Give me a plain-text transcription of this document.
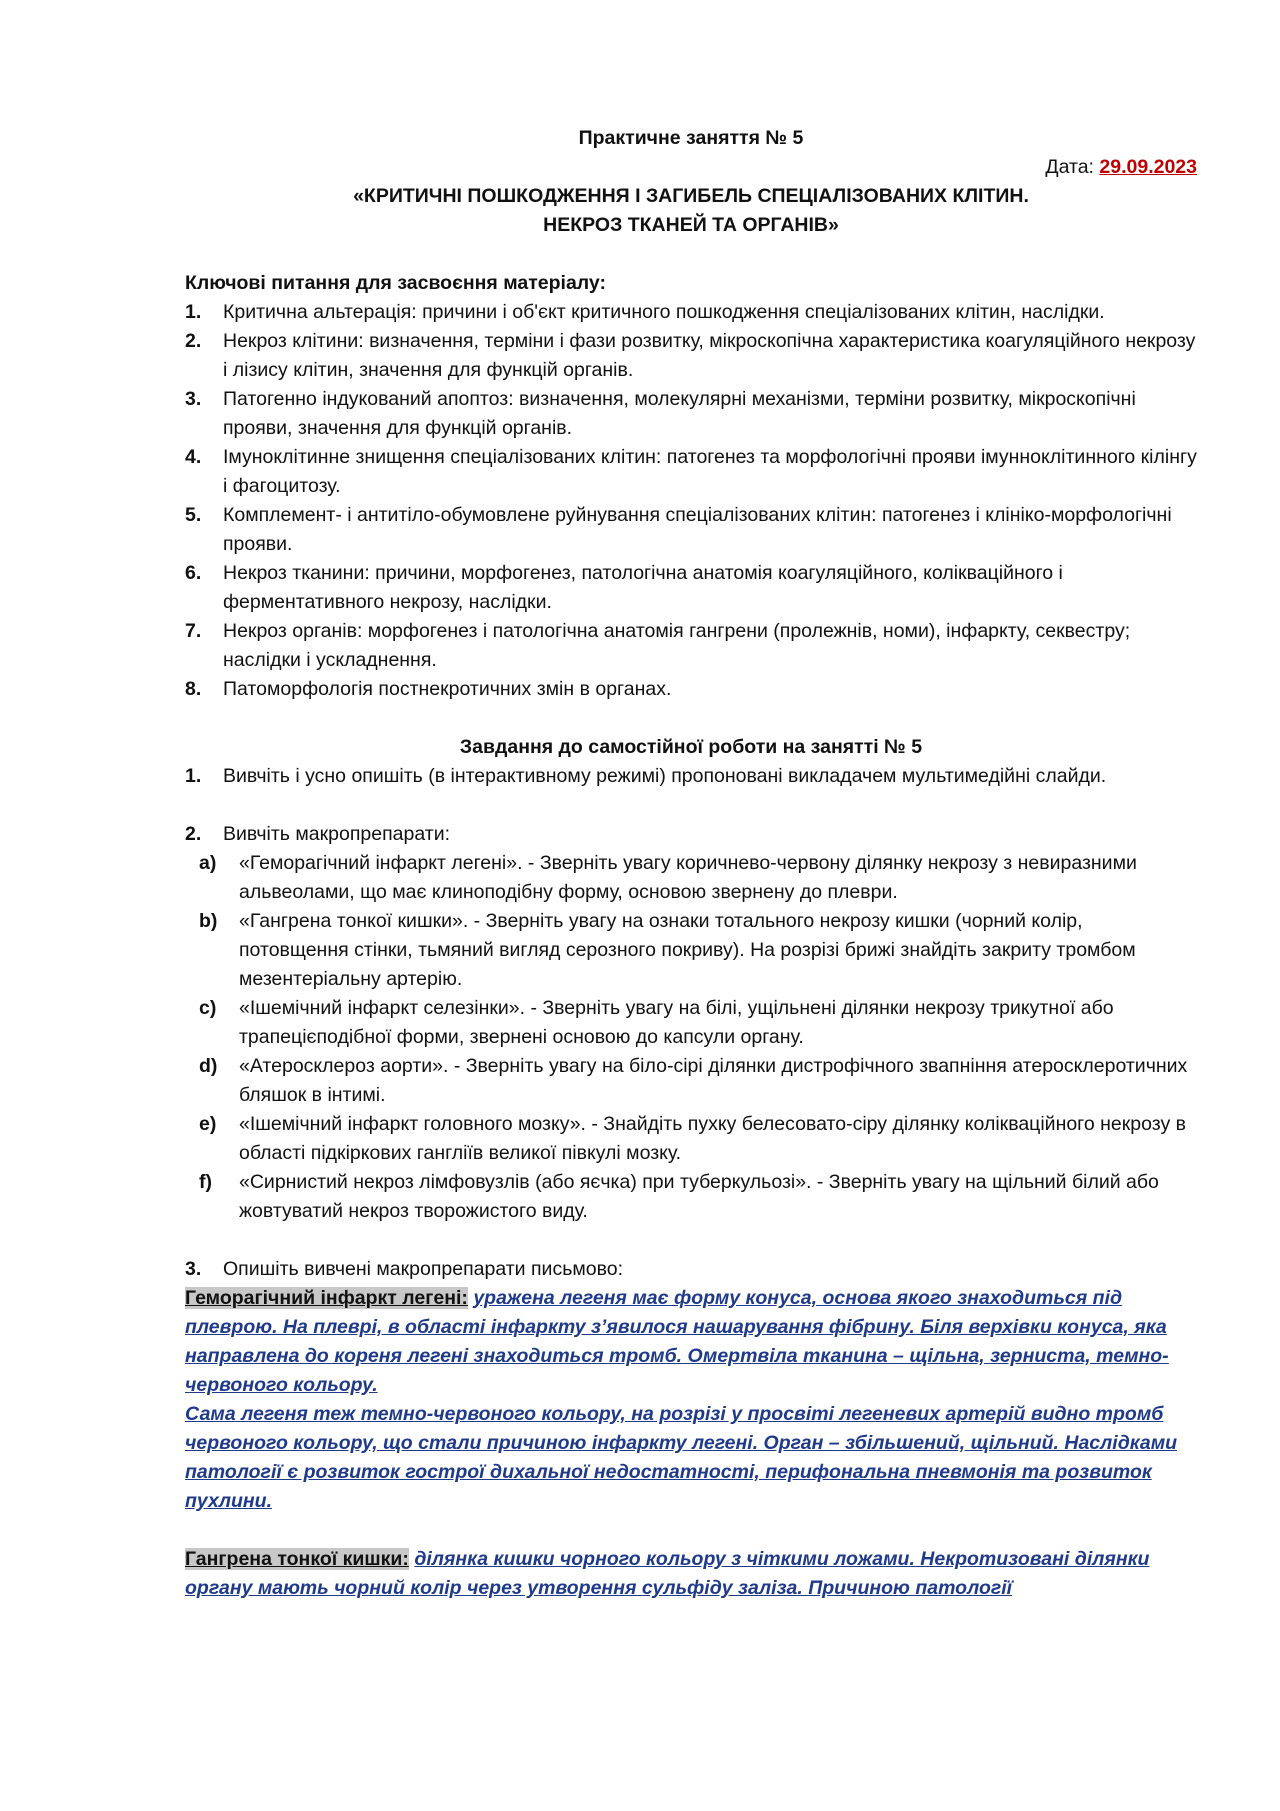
Практичне заняття № 5
Дата: 29.09.2023
«КРИТИЧНІ ПОШКОДЖЕННЯ І ЗАГИБЕЛЬ СПЕЦІАЛІЗОВАНИХ КЛІТИН.
НЕКРОЗ ТКАНЕЙ ТА ОРГАНІВ»
Ключові питання для засвоєння матеріалу:
1.	Критична альтерація: причини і об'єкт критичного пошкодження спеціалізованих клітин, наслідки.
2.	Некроз клітини: визначення, терміни і фази розвитку, мікроскопічна характеристика коагуляційного некрозу і лізису клітин, значення для функцій органів.
3.	Патогенно індукований апоптоз: визначення, молекулярні механізми, терміни розвитку, мікроскопічні прояви, значення для функцій органів.
4.	Імуноклітинне знищення спеціалізованих клітин: патогенез та морфологічні прояви імунноклітинного кілінгу і фагоцитозу.
5.	Комплемент- і антитіло-обумовлене руйнування спеціалізованих клітин: патогенез і клініко-морфологічні прояви.
6.	Некроз тканини: причини, морфогенез, патологічна анатомія коагуляційного, колікваційного і ферментативного некрозу, наслідки.
7.	Некроз органів: морфогенез і патологічна анатомія гангрени (пролежнів, номи), інфаркту, секвестру; наслідки і ускладнення.
8.	Патоморфологія постнекротичних змін в органах.
Завдання до самостійної роботи на занятті № 5
1.	Вивчіть і усно опишіть (в інтерактивному режимі) пропоновані викладачем мультимедійні слайди.
2.	Вивчіть макропрепарати:
a)	«Геморагічний інфаркт легені». - Зверніть увагу коричнево-червону ділянку некрозу з невиразними альвеолами, що має клиноподібну форму, основою звернену до плеври.
b)	«Гангрена тонкої кишки». - Зверніть увагу на ознаки тотального некрозу кишки (чорний колір, потовщення стінки, тьмяний вигляд серозного покриву). На розрізі брижі знайдіть закриту тромбом мезентеріальну артерію.
c)	«Ішемічний інфаркт селезінки». - Зверніть увагу на білі, ущільнені ділянки некрозу трикутної або трапецієподібної форми, звернені основою до капсули органу.
d)	«Атеросклероз аорти». - Зверніть увагу на біло-сірі ділянки дистрофічного звапніння атеросклеротичних бляшок в інтимі.
e)	«Ішемічний інфаркт головного мозку». - Знайдіть пухку белесовато-сіру ділянку колікваційного некрозу в області підкіркових гангліїв великої півкулі мозку.
f)	«Сирнистий некроз лімфовузлів (або яєчка) при туберкульозі». - Зверніть увагу на щільний білий або жовтуватий некроз творожистого виду.
3.	Опишіть вивчені макропрепарати письмово:

Геморагічний інфаркт легені: уражена легеня має форму конуса, основа якого знаходиться під плеврою. На плеврі, в області інфаркту з’явилося нашарування фібрину. Біля верхівки конуса, яка направлена до кореня легені знаходиться тромб. Омертвіла тканина – щільна, зерниста, темно-червоного кольору.

Сама легеня теж темно-червоного кольору, на розрізі у просвіті легеневих артерій видно тромб червоного кольору, що стали причиною інфаркту легені. Орган – збільшений, щільний. Наслідками патології є розвиток гострої дихальної недостатності, перифональна пневмонія та розвиток пухлини.

Гангрена тонкої кишки: ділянка кишки чорного кольору з чіткими ложами. Некротизовані ділянки органу мають чорний колір через утворення сульфіду заліза. Причиною патології
